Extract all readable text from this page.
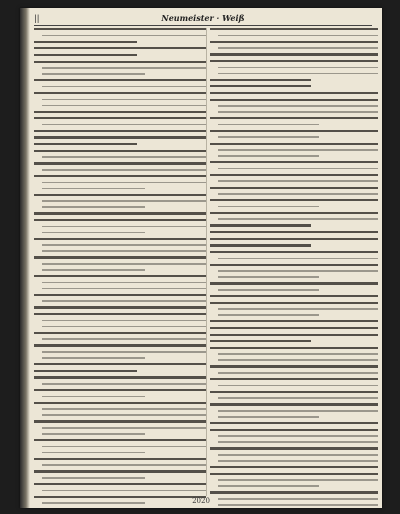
||	Neumeister · Weiß
2020
